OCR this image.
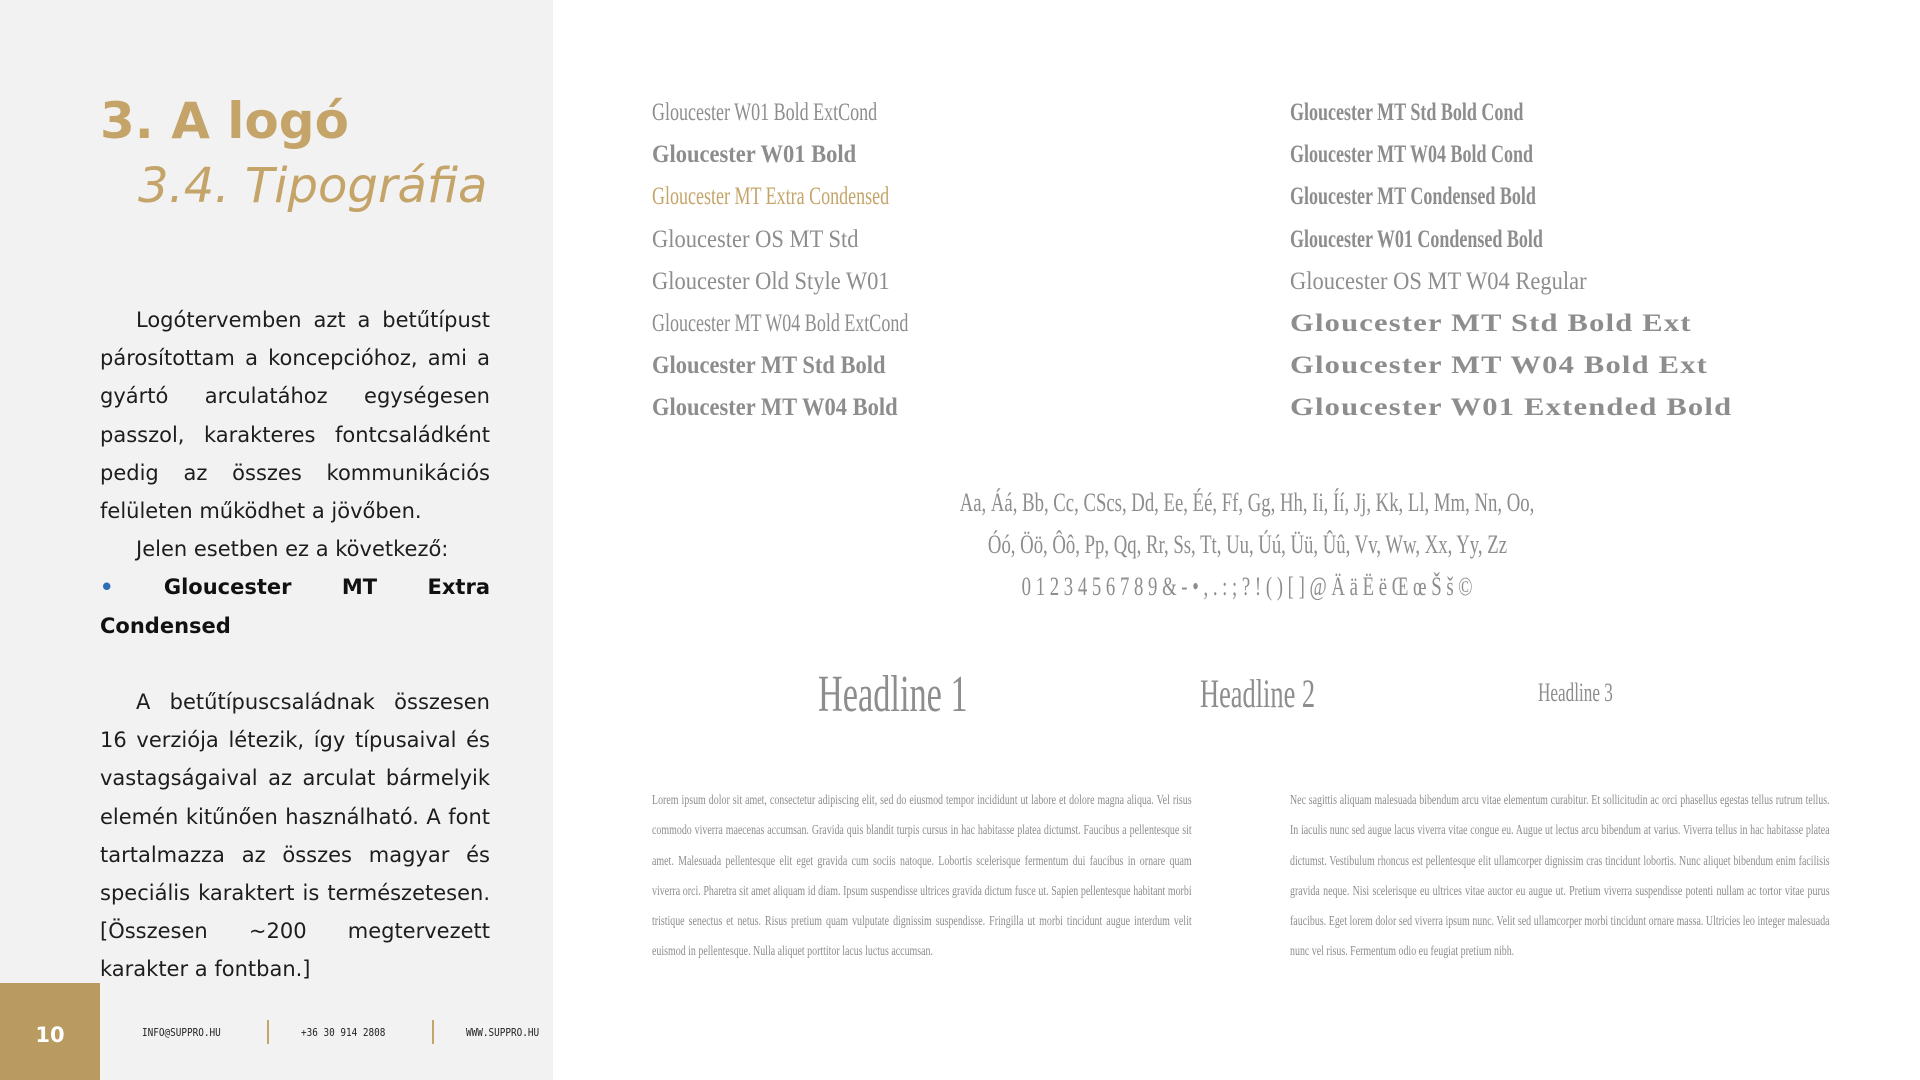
3. A logó
3.4. Tipográfia

Logótervemben azt a betűtípust párosítottam a koncepcióhoz, ami a gyártó arculatához egységesen passzol, karakteres fontcsaládként pedig az összes kommunikációs felületen működhet a jövőben.

Jelen esetben ez a következő:

• Gloucester MT Extra Condensed

A betűtípuscsaládnak összesen 16 verziója létezik, így típusaival és vastagságaival az arculat bármelyik elemén kitűnően használható. A font tartalmazza az összes magyar és speciális karaktert is természetesen. [Összesen ~200 megtervezett karakter a fontban.]

10	INFO@SUPPRO.HU	+36 30 914 2808	WWW.SUPPRO.HU
Gloucester W01 Bold ExtCond
Gloucester W01 Bold
Gloucester MT Extra Condensed
Gloucester OS MT Std
Gloucester Old Style W01
Gloucester MT W04 Bold ExtCond
Gloucester MT Std Bold
Gloucester MT W04 Bold
Gloucester MT Std Bold Cond
Gloucester MT W04 Bold Cond
Gloucester MT Condensed Bold
Gloucester W01 Condensed Bold
Gloucester OS MT W04 Regular
Gloucester MT Std Bold Ext
Gloucester MT W04 Bold Ext
Gloucester W01 Extended Bold
Aa, Áá, Bb, Cc, CScs, Dd, Ee, Éé, Ff, Gg, Hh, Ii, Íí, Jj, Kk, Ll, Mm, Nn, Oo,
Óó, Öö, Ôô, Pp, Qq, Rr, Ss, Tt, Uu, Úú, Üü, Ûû, Vv, Ww, Xx, Yy, Zz
0 1 2 3 4 5 6 7 8 9 & - • , . : ; ? ! ( ) [ ] @ Ä ä Ë ë Œ œ Š š ©
Headline 1	Headline 2	Headline 3
Lorem ipsum dolor sit amet, consectetur adipiscing elit, sed do eiusmod tempor incididunt ut labore et dolore magna aliqua. Vel risus commodo viverra maecenas accumsan. Gravida quis blandit turpis cursus in hac habitasse platea dictumst. Faucibus a pellentesque sit amet. Malesuada pellentesque elit eget gravida cum sociis natoque. Lobortis scelerisque fermentum dui faucibus in ornare quam viverra orci. Pharetra sit amet aliquam id diam. Ipsum suspendisse ultrices gravida dictum fusce ut. Sapien pellentesque habitant morbi tristique senectus et netus. Risus pretium quam vulputate dignissim suspendisse. Fringilla ut morbi tincidunt augue interdum velit euismod in pellentesque. Nulla aliquet porttitor lacus luctus accumsan.
Nec sagittis aliquam malesuada bibendum arcu vitae elementum curabitur. Et sollicitudin ac orci phasellus egestas tellus rutrum tellus. In iaculis nunc sed augue lacus viverra vitae congue eu. Augue ut lectus arcu bibendum at varius. Viverra tellus in hac habitasse platea dictumst. Vestibulum rhoncus est pellentesque elit ullamcorper dignissim cras tincidunt lobortis. Nunc aliquet bibendum enim facilisis gravida neque. Nisi scelerisque eu ultrices vitae auctor eu augue ut. Pretium viverra suspendisse potenti nullam ac tortor vitae purus faucibus. Eget lorem dolor sed viverra ipsum nunc. Velit sed ullamcorper morbi tincidunt ornare massa. Ultricies leo integer malesuada nunc vel risus. Fermentum odio eu feugiat pretium nibh.
